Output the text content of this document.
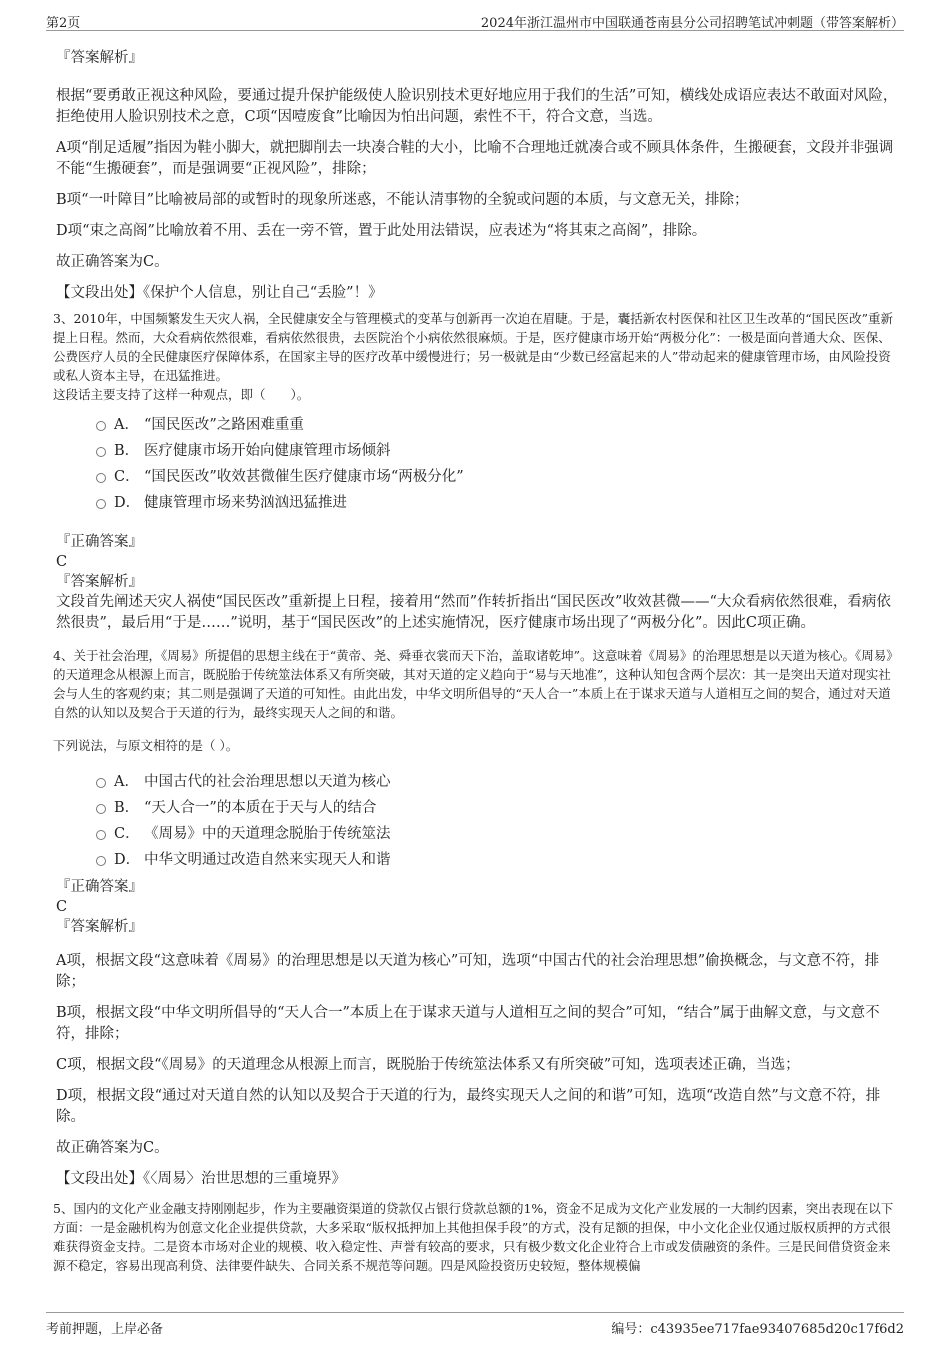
第2页	2024年浙江温州市中国联通苍南县分公司招聘笔试冲刺题（带答案解析）

『答案解析』

根据“要勇敢正视这种风险，要通过提升保护能级使人脸识别技术更好地应用于我们的生活”可知，横线处成语应表达不敢面对风险，拒绝使用人脸识别技术之意，C项“因噎废食”比喻因为怕出问题，索性不干，符合文意，当选。

A项“削足适履”指因为鞋小脚大，就把脚削去一块凑合鞋的大小，比喻不合理地迁就凑合或不顾具体条件，生搬硬套，文段并非强调不能“生搬硬套”，而是强调要“正视风险”，排除；

B项“一叶障目”比喻被局部的或暂时的现象所迷惑，不能认清事物的全貌或问题的本质，与文意无关，排除；

D项“束之高阁”比喻放着不用、丢在一旁不管，置于此处用法错误，应表述为“将其束之高阁”，排除。

故正确答案为C。

【文段出处】《保护个人信息，别让自己“丢脸”！》

3、2010年，中国频繁发生天灾人祸，全民健康安全与管理模式的变革与创新再一次迫在眉睫。于是，囊括新农村医保和社区卫生改革的“国民医改”重新提上日程。然而，大众看病依然很难，看病依然很贵，去医院治个小病依然很麻烦。于是，医疗健康市场开始“两极分化”：一极是面向普通大众、医保、公费医疗人员的全民健康医疗保障体系，在国家主导的医疗改革中缓慢进行；另一极就是由“少数已经富起来的人”带动起来的健康管理市场，由风险投资或私人资本主导，在迅猛推进。

这段话主要支持了这样一种观点，即（　　）。

A． “国民医改”之路困难重重
B． 医疗健康市场开始向健康管理市场倾斜
C． “国民医改”收效甚微催生医疗健康市场“两极分化”
D． 健康管理市场来势汹汹迅猛推进

『正确答案』

C

『答案解析』

文段首先阐述天灾人祸使“国民医改”重新提上日程，接着用“然而”作转折指出“国民医改”收效甚微——“大众看病依然很难，看病依然很贵”，最后用“于是……”说明，基于“国民医改”的上述实施情况，医疗健康市场出现了“两极分化”。因此C项正确。

4、关于社会治理，《周易》所提倡的思想主线在于“黄帝、尧、舜垂衣裳而天下治，盖取诸乾坤”。这意味着《周易》的治理思想是以天道为核心。《周易》的天道理念从根源上而言，既脱胎于传统筮法体系又有所突破，其对天道的定义趋向于“易与天地准”，这种认知包含两个层次：其一是突出天道对现实社会与人生的客观约束；其二则是强调了天道的可知性。由此出发，中华文明所倡导的“天人合一”本质上在于谋求天道与人道相互之间的契合，通过对天道自然的认知以及契合于天道的行为，最终实现天人之间的和谐。

下列说法，与原文相符的是（ ）。

A． 中国古代的社会治理思想以天道为核心
B． “天人合一”的本质在于天与人的结合
C． 《周易》中的天道理念脱胎于传统筮法
D． 中华文明通过改造自然来实现天人和谐

『正确答案』

C

『答案解析』

A项，根据文段“这意味着《周易》的治理思想是以天道为核心”可知，选项“中国古代的社会治理思想”偷换概念，与文意不符，排除；

B项，根据文段“中华文明所倡导的“天人合一”本质上在于谋求天道与人道相互之间的契合”可知，“结合”属于曲解文意，与文意不符，排除；

C项，根据文段“《周易》的天道理念从根源上而言，既脱胎于传统筮法体系又有所突破”可知，选项表述正确，当选；

D项，根据文段“通过对天道自然的认知以及契合于天道的行为，最终实现天人之间的和谐”可知，选项“改造自然”与文意不符，排除。

故正确答案为C。

【文段出处】《〈周易〉治世思想的三重境界》

5、国内的文化产业金融支持刚刚起步，作为主要融资渠道的贷款仅占银行贷款总额的1%，资金不足成为文化产业发展的一大制约因素，突出表现在以下方面：一是金融机构为创意文化企业提供贷款，大多采取“版权抵押加上其他担保手段”的方式，没有足额的担保，中小文化企业仅通过版权质押的方式很难获得资金支持。二是资本市场对企业的规模、收入稳定性、声誉有较高的要求，只有极少数文化企业符合上市或发债融资的条件。三是民间借贷资金来源不稳定，容易出现高利贷、法律要件缺失、合同关系不规范等问题。四是风险投资历史较短，整体规模偏

考前押题，上岸必备	编号：c43935ee717fae93407685d20c17f6d2
